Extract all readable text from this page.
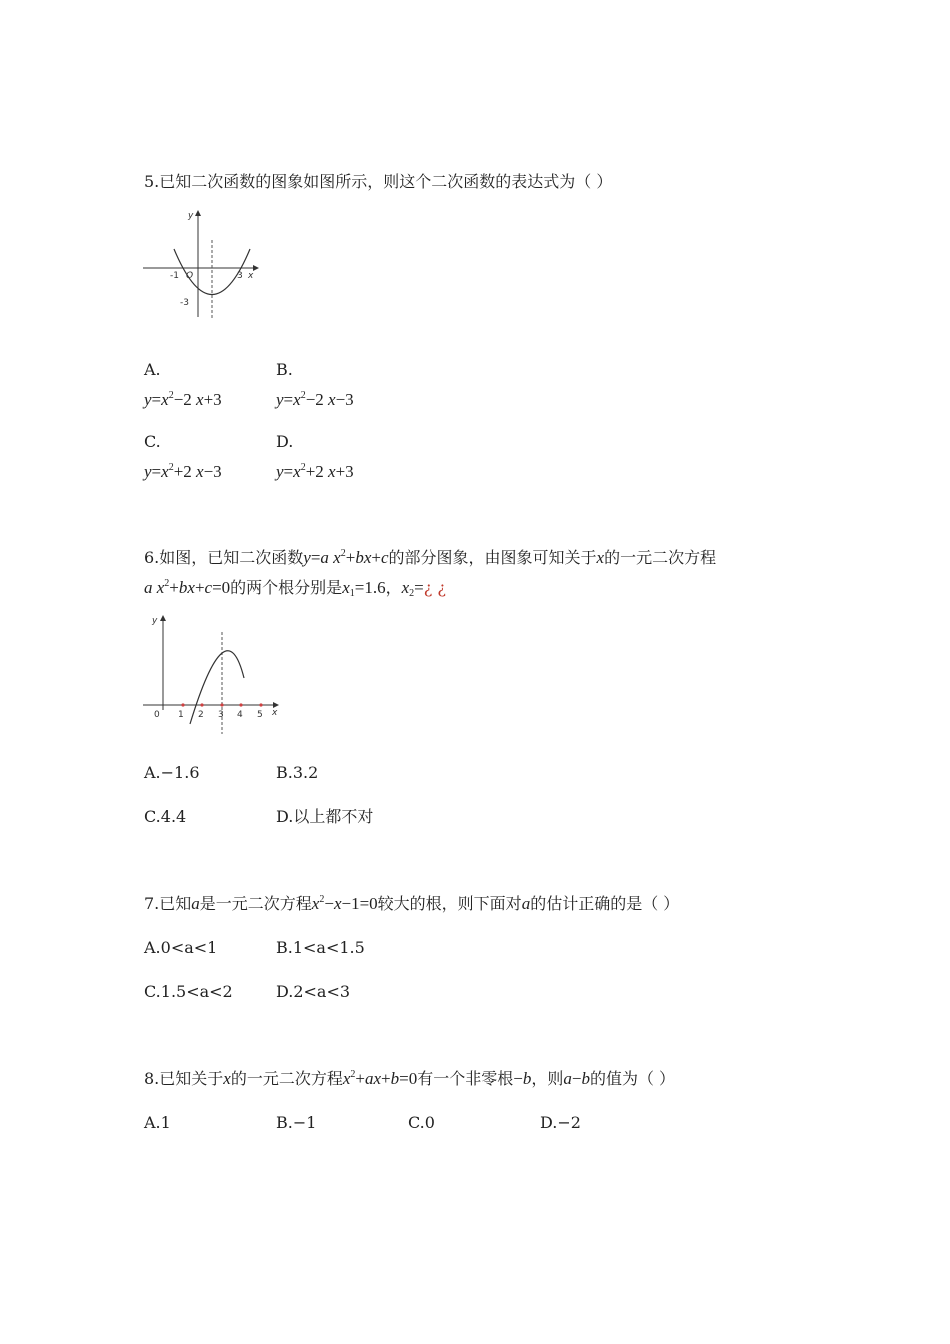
5.已知二次函数的图象如图所示，则这个二次函数的表达式为（ ）
y
x
O
-1	3
-3
A.
$y=x^2-2$ x+3
B.
$y=x^2-2$ x−3
C.
$y=x^2+2$ x−3
D.
$y=x^2+2$ x+3
6.如图，已知二次函数y=a $x^2+bx+c$的部分图象，由图象可知关于x的一元二次方程
a $x^2+bx+c=0$的两个根分别是$x_1=1.6$，$x_2=¿$ ¿
y
x
0 1 2 3 4 5
A.−1.6	B.3.2
C.4.4	D.以上都不对
7.已知a是一元二次方程$x^2-x-1=0$较大的根，则下面对a的估计正确的是（ ）
A.0<a<1	B.1<a<1.5
C.1.5<a<2	D.2<a<3
8.已知关于x的一元二次方程$x^2+ax+b=0$有一个非零根−b，则a−b的值为（ ）
A.1	B.−1	C.0	D.−2
